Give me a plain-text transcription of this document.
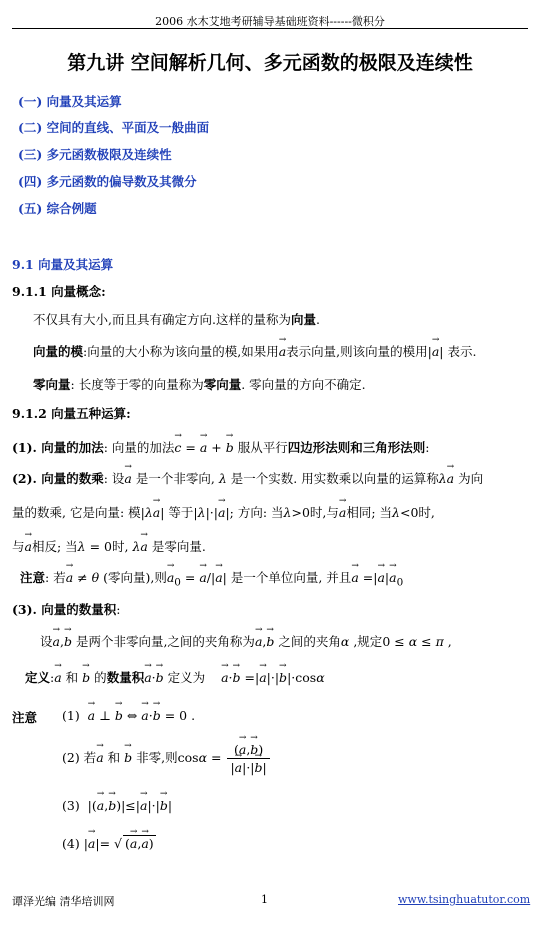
2006 水木艾地考研辅导基础班资料------微积分
第九讲 空间解析几何、多元函数的极限及连续性
(一) 向量及其运算
(二) 空间的直线、平面及一般曲面
(三) 多元函数极限及连续性
(四) 多元函数的偏导数及其微分
(五) 综合例题
9.1 向量及其运算
9.1.1 向量概念:
不仅具有大小,而且具有确定方向.这样的量称为向量.
向量的模:向量的大小称为该向量的模,如果用→ a表示向量,则该向量的模用|→ a| 表示.
零向量: 长度等于零的向量称为零向量. 零向量的方向不确定.
9.1.2 向量五种运算:
(1). 向量的加法: 向量的加法→ c = → a + → b 服从平行四边形法则和三角形法则:
(2). 向量的数乘: 设→ a 是一个非零向, λ 是一个实数. 用实数乘以向量的运算称λ→ a 为向
量的数乘, 它是向量: 模|λ→ a| 等于|λ|·|→ a|; 方向: 当λ>0时,与→ a相同; 当λ<0时,
与→ a相反; 当λ = 0时, λ→ a 是零向量.
注意: 若→ a ≠ θ (零向量),则→ $a_0$ = → a/|→ a| 是一个单位向量, 并且→ a =|→ $a|\to a_0$
(3). 向量的数量积:
设→ a,→ b 是两个非零向量,之间的夹角称为→ a,→ b 之间的夹角α ,规定0 ≤ α ≤ π ,
定义:→ a 和 → b 的数量积→ a·→ b 定义为 → a·→ b =|→ a|·|→ b|·cosα
注意 (1) → a ⊥ → b ⇔ → a·→ b = 0 .
(2) 若→ a 和 → b 非零,则$\cos\alpha = \frac{(\to a,\to b)}{|\to a|\cdot|\to b|}$
(3)  |(→ a,→ b)|≤|→ a|·|→ b|
(4) |→ a|= √ (→ a,→ a)
谭泽光编 清华培训网	1	www.tsinghuatutor.com
